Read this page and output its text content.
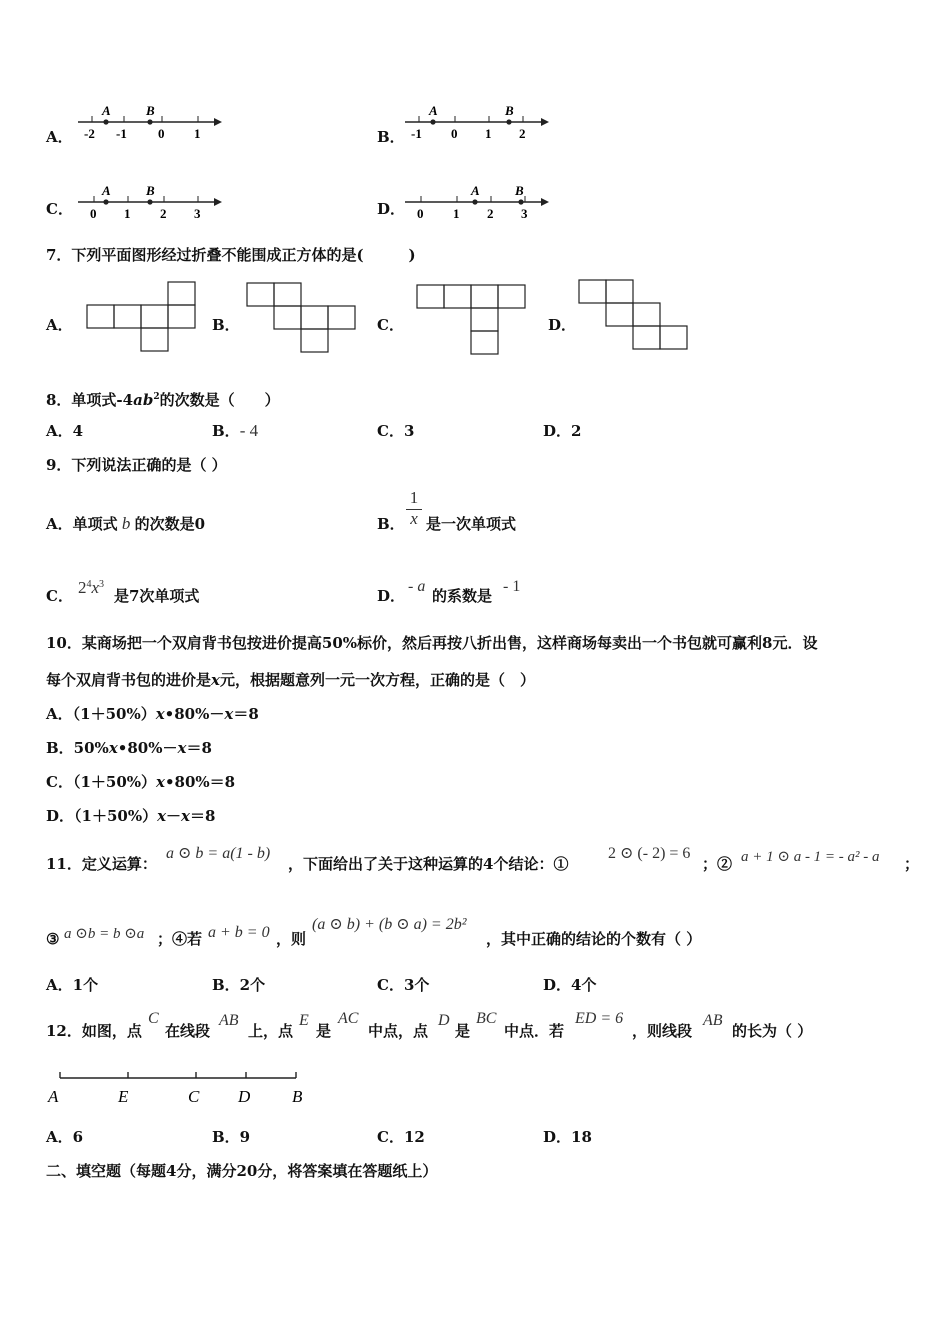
A．
A	B
-2 -1 0 1	B．
A	B
-1 0 1 2
C．
A	B
0 1 2 3	D．
A	B
0 1 2 3
7．下列平面图形经过折叠不能围成正方体的是(　　　)
A．	B．	C．	D．
8．单项式$-4ab^2$的次数是（　　）
A．4	B．- 4	C．3	D．2
9．下列说法正确的是（ ）
A．单项式 b 的次数是0	B．
1
x 是一次单项式
C． $2^4x^3$
是7次单项式	D．
- a
的系数是
- 1
10．某商场把一个双肩背书包按进价提高50%标价，然后再按八折出售，这样商场每卖出一个书包就可赢利8元．设
每个双肩背书包的进价是x元，根据题意列一元一次方程，正确的是（　）
A．（1＋50%）x•80%－x＝8
B．50%x•80%－x＝8
C．（1＋50%）x•80%＝8
D．（1＋50%）x－x＝8
11．定义运算：
a ⊙ b = a(1 - b)
，下面给出了关于这种运算的4个结论：①
2 ⊙ (- 2) = 6
；② a + 1 ⊙ a - 1 = - a² - a ；
③ a ⊙b = b ⊙a ；④若 a + b = 0 ，则
(a ⊙ b) + (b ⊙ a) = 2b²
，其中正确的结论的个数有（ ）
A．1个	B．2个	C．3个	D．4个
12．如图，点
C
在线段
AB
上，点
E
是
AC
中点，点
D
是
BC
中点．若
ED = 6
，则线段
AB
的长为（ ）
A	E	C D B
A．6	B．9	C．12	D．18
二、填空题（每题4分，满分20分，将答案填在答题纸上）
